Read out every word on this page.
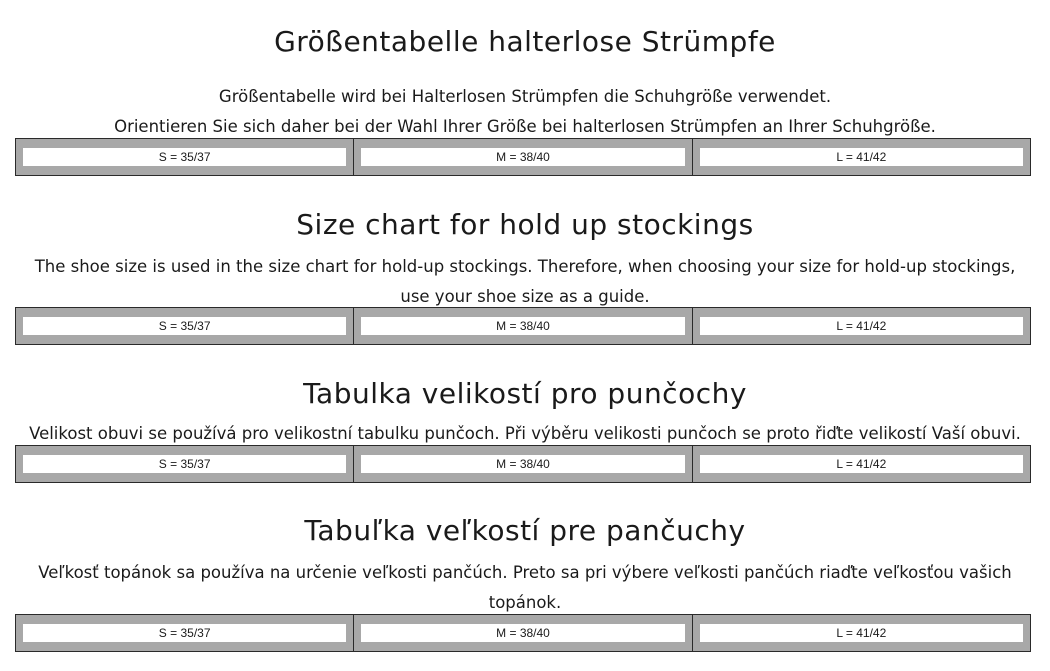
Größentabelle halterlose Strümpfe
Größentabelle wird bei Halterlosen Strümpfen die Schuhgröße verwendet.
Orientieren Sie sich daher bei der Wahl Ihrer Größe bei halterlosen Strümpfen an Ihrer Schuhgröße.
S = 35/37	M = 38/40	L = 41/42
Size chart for hold up stockings
The shoe size is used in the size chart for hold-up stockings. Therefore, when choosing your size for hold-up stockings,
use your shoe size as a guide.
S = 35/37	M = 38/40	L = 41/42
Tabulka velikostí pro punčochy
Velikost obuvi se používá pro velikostní tabulku punčoch. Při výběru velikosti punčoch se proto řiďte velikostí Vaší obuvi.
S = 35/37	M = 38/40	L = 41/42
Tabuľka veľkostí pre pančuchy
Veľkosť topánok sa používa na určenie veľkosti pančúch. Preto sa pri výbere veľkosti pančúch riaďte veľkosťou vašich
topánok.
S = 35/37	M = 38/40	L = 41/42
